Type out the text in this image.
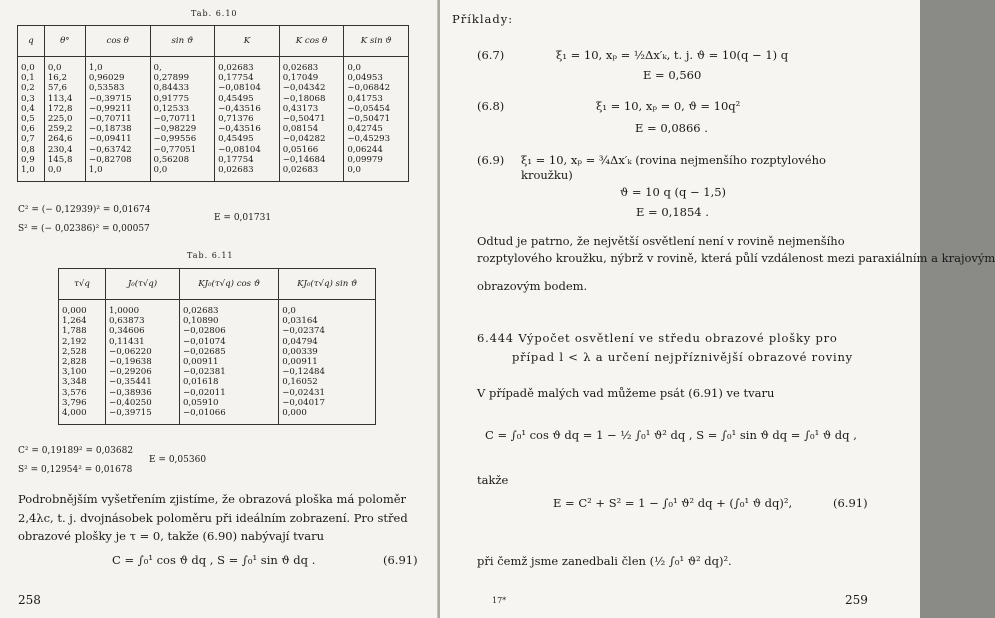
Tab. 6.10
q	θ°	cos θ	sin ϑ	K	K cos θ	K sin ϑ
0,0	0,0	1,0	0,	0,02683	0,02683	0,0
0,1	16,2	0,96029	0,27899	0,17754	0,17049	0,04953
0,2	57,6	0,53583	0,84433	−0,08104	−0,04342	−0,06842
0,3	113,4	−0,39715	0,91775	0,45495	−0,18068	0,41753
0,4	172,8	−0,99211	0,12533	−0,43516	0,43173	−0,05454
0,5	225,0	−0,70711	−0,70711	0,71376	−0,50471	−0,50471
0,6	259,2	−0,18738	−0,98229	−0,43516	0,08154	0,42745
0,7	264,6	−0,09411	−0,99556	0,45495	−0,04282	−0,45293
0,8	230,4	−0,63742	−0,77051	−0,08104	0,05166	0,06244
0,9	145,8	−0,82708	0,56208	0,17754	−0,14684	0,09979
1,0	0,0	1,0	0,0	0,02683	0,02683	0,0
C² = (− 0,12939)² = 0,01674
E = 0,01731
S² = (− 0,02386)² = 0,00057
Tab. 6.11
τ√q	J₀(τ√q)	KJ₀(τ√q) cos ϑ	KJ₀(τ√q) sin ϑ
0,000	1,0000	0,02683	0,0
1,264	0,63873	0,10890	0,03164
1,788	0,34606	−0,02806	−0,02374
2,192	0,11431	−0,01074	0,04794
2,528	−0,06220	−0,02685	0,00339
2,828	−0,19638	0,00911	0,00911
3,100	−0,29206	−0,02381	−0,12484
3,348	−0,35441	0,01618	0,16052
3,576	−0,38936	−0,02011	−0,02431
3,796	−0,40250	0,05910	−0,04017
4,000	−0,39715	−0,01066	0,000
C² = 0,19189² = 0,03682
E = 0,05360
S² = 0,12954² = 0,01678
Podrobnějším vyšetřením zjistíme, že obrazová ploška má poloměr
2,4λc, t. j. dvojnásobek poloměru při ideálním zobrazení. Pro střed
obrazové plošky je τ = 0, takže (6.90) nabývají tvaru
C = ∫₀¹ cos ϑ dq , S = ∫₀¹ sin ϑ dq .	(6.91)
258
Příklady:
(6.7)	ξ₁ = 10, xₚ = ½Δx′ₖ, t. j. ϑ = 10(q − 1) q
E = 0,560
(6.8)	ξ₁ = 10, xₚ = 0, ϑ = 10q²
E = 0,0866 .
(6.9) ξ₁ = 10, xₚ = ¾Δx′ₖ (rovina nejmenšího rozptylového
kroužku)
ϑ = 10 q (q − 1,5)
E = 0,1854 .
Odtud je patrno, že největší osvětlení není v rovině nejmenšího
rozptylového kroužku, nýbrž v rovině, která půlí vzdálenost mezi paraxiálním a krajovým
obrazovým bodem.
6.444 Výpočet osvětlení ve středu obrazové plošky pro
případ l < λ a určení nejpříznivější obrazové roviny
V případě malých vad můžeme psát (6.91) ve tvaru
C = ∫₀¹ cos ϑ dq = 1 − ½ ∫₀¹ ϑ² dq , S = ∫₀¹ sin ϑ dq = ∫₀¹ ϑ dq ,
takže
E = C² + S² = 1 − ∫₀¹ ϑ² dq + (∫₀¹ ϑ dq)²,	(6.91)
při čemž jsme zanedbali člen (½ ∫₀¹ ϑ² dq)².
17*	259
